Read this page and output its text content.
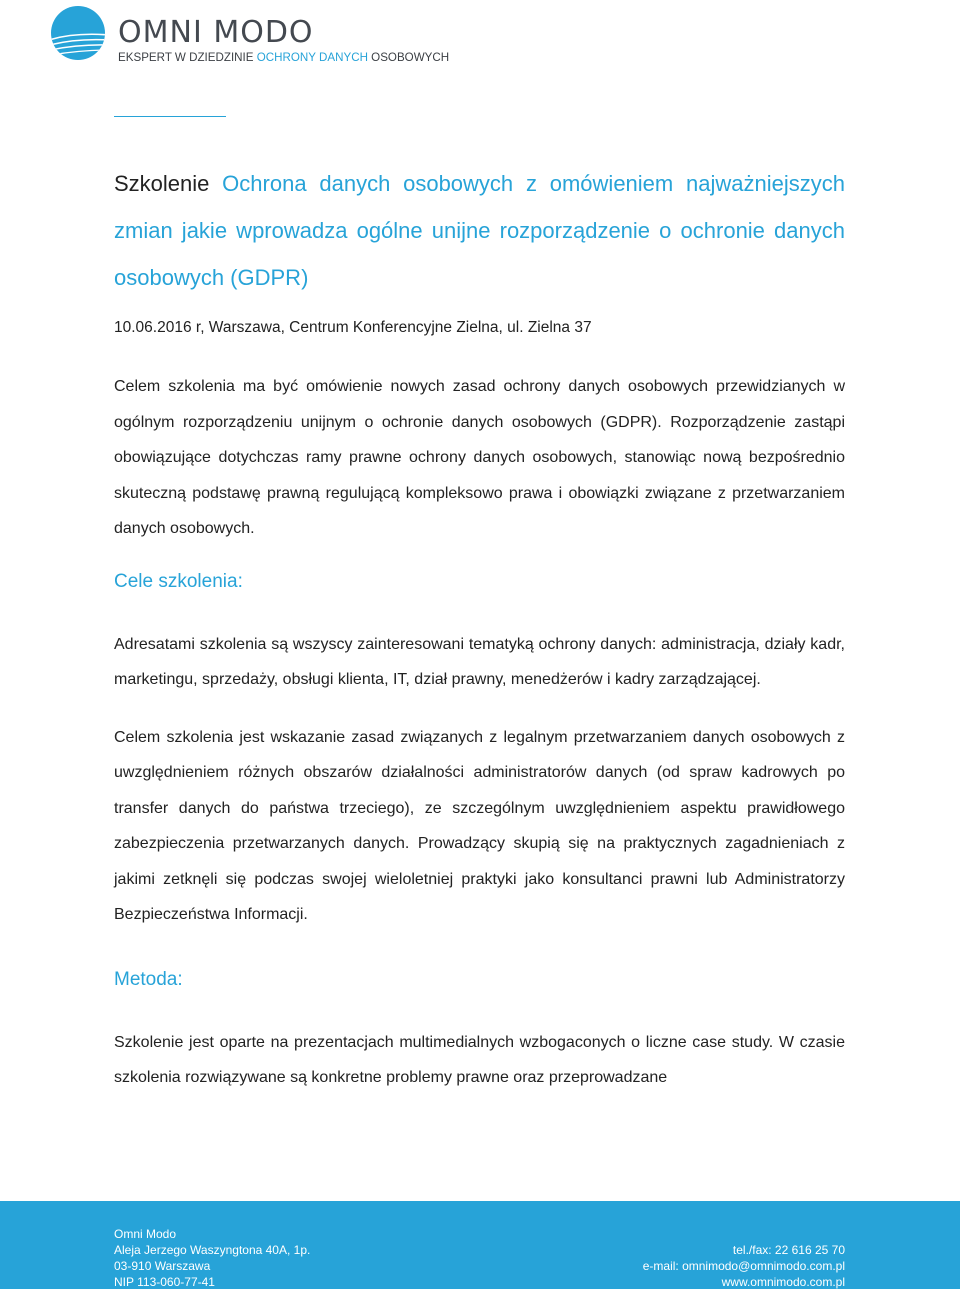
OMNI MODO
EKSPERT W DZIEDZINIE OCHRONY DANYCH OSOBOWYCH
Szkolenie Ochrona danych osobowych z omówieniem najważniejszych zmian jakie wprowadza ogólne unijne rozporządzenie o ochronie danych osobowych (GDPR)
10.06.2016 r, Warszawa, Centrum Konferencyjne Zielna, ul. Zielna 37

Celem szkolenia ma być omówienie nowych zasad ochrony danych osobowych przewidzianych w ogólnym rozporządzeniu unijnym o ochronie danych osobowych (GDPR). Rozporządzenie zastąpi obowiązujące dotychczas ramy prawne ochrony danych osobowych, stanowiąc nową bezpośrednio skuteczną podstawę prawną regulującą kompleksowo prawa i obowiązki związane z przetwarzaniem danych osobowych.

Cele szkolenia:

Adresatami szkolenia są wszyscy zainteresowani tematyką ochrony danych: administracja, działy kadr, marketingu, sprzedaży, obsługi klienta, IT, dział prawny, menedżerów i kadry zarządzającej.

Celem szkolenia jest wskazanie zasad związanych z legalnym przetwarzaniem danych osobowych z uwzględnieniem różnych obszarów działalności administratorów danych (od spraw kadrowych po transfer danych do państwa trzeciego), ze szczególnym uwzględnieniem aspektu prawidłowego zabezpieczenia przetwarzanych danych. Prowadzący skupią się na praktycznych zagadnieniach z jakimi zetknęli się podczas swojej wieloletniej praktyki jako konsultanci prawni lub Administratorzy Bezpieczeństwa Informacji.

Metoda:

Szkolenie jest oparte na prezentacjach multimedialnych wzbogaconych o liczne case study. W czasie szkolenia rozwiązywane są konkretne problemy prawne oraz przeprowadzane

Omni Modo
Aleja Jerzego Waszyngtona 40A, 1p.
03-910 Warszawa
NIP 113-060-77-41
tel./fax: 22 616 25 70
e-mail: omnimodo@omnimodo.com.pl
www.omnimodo.com.pl
